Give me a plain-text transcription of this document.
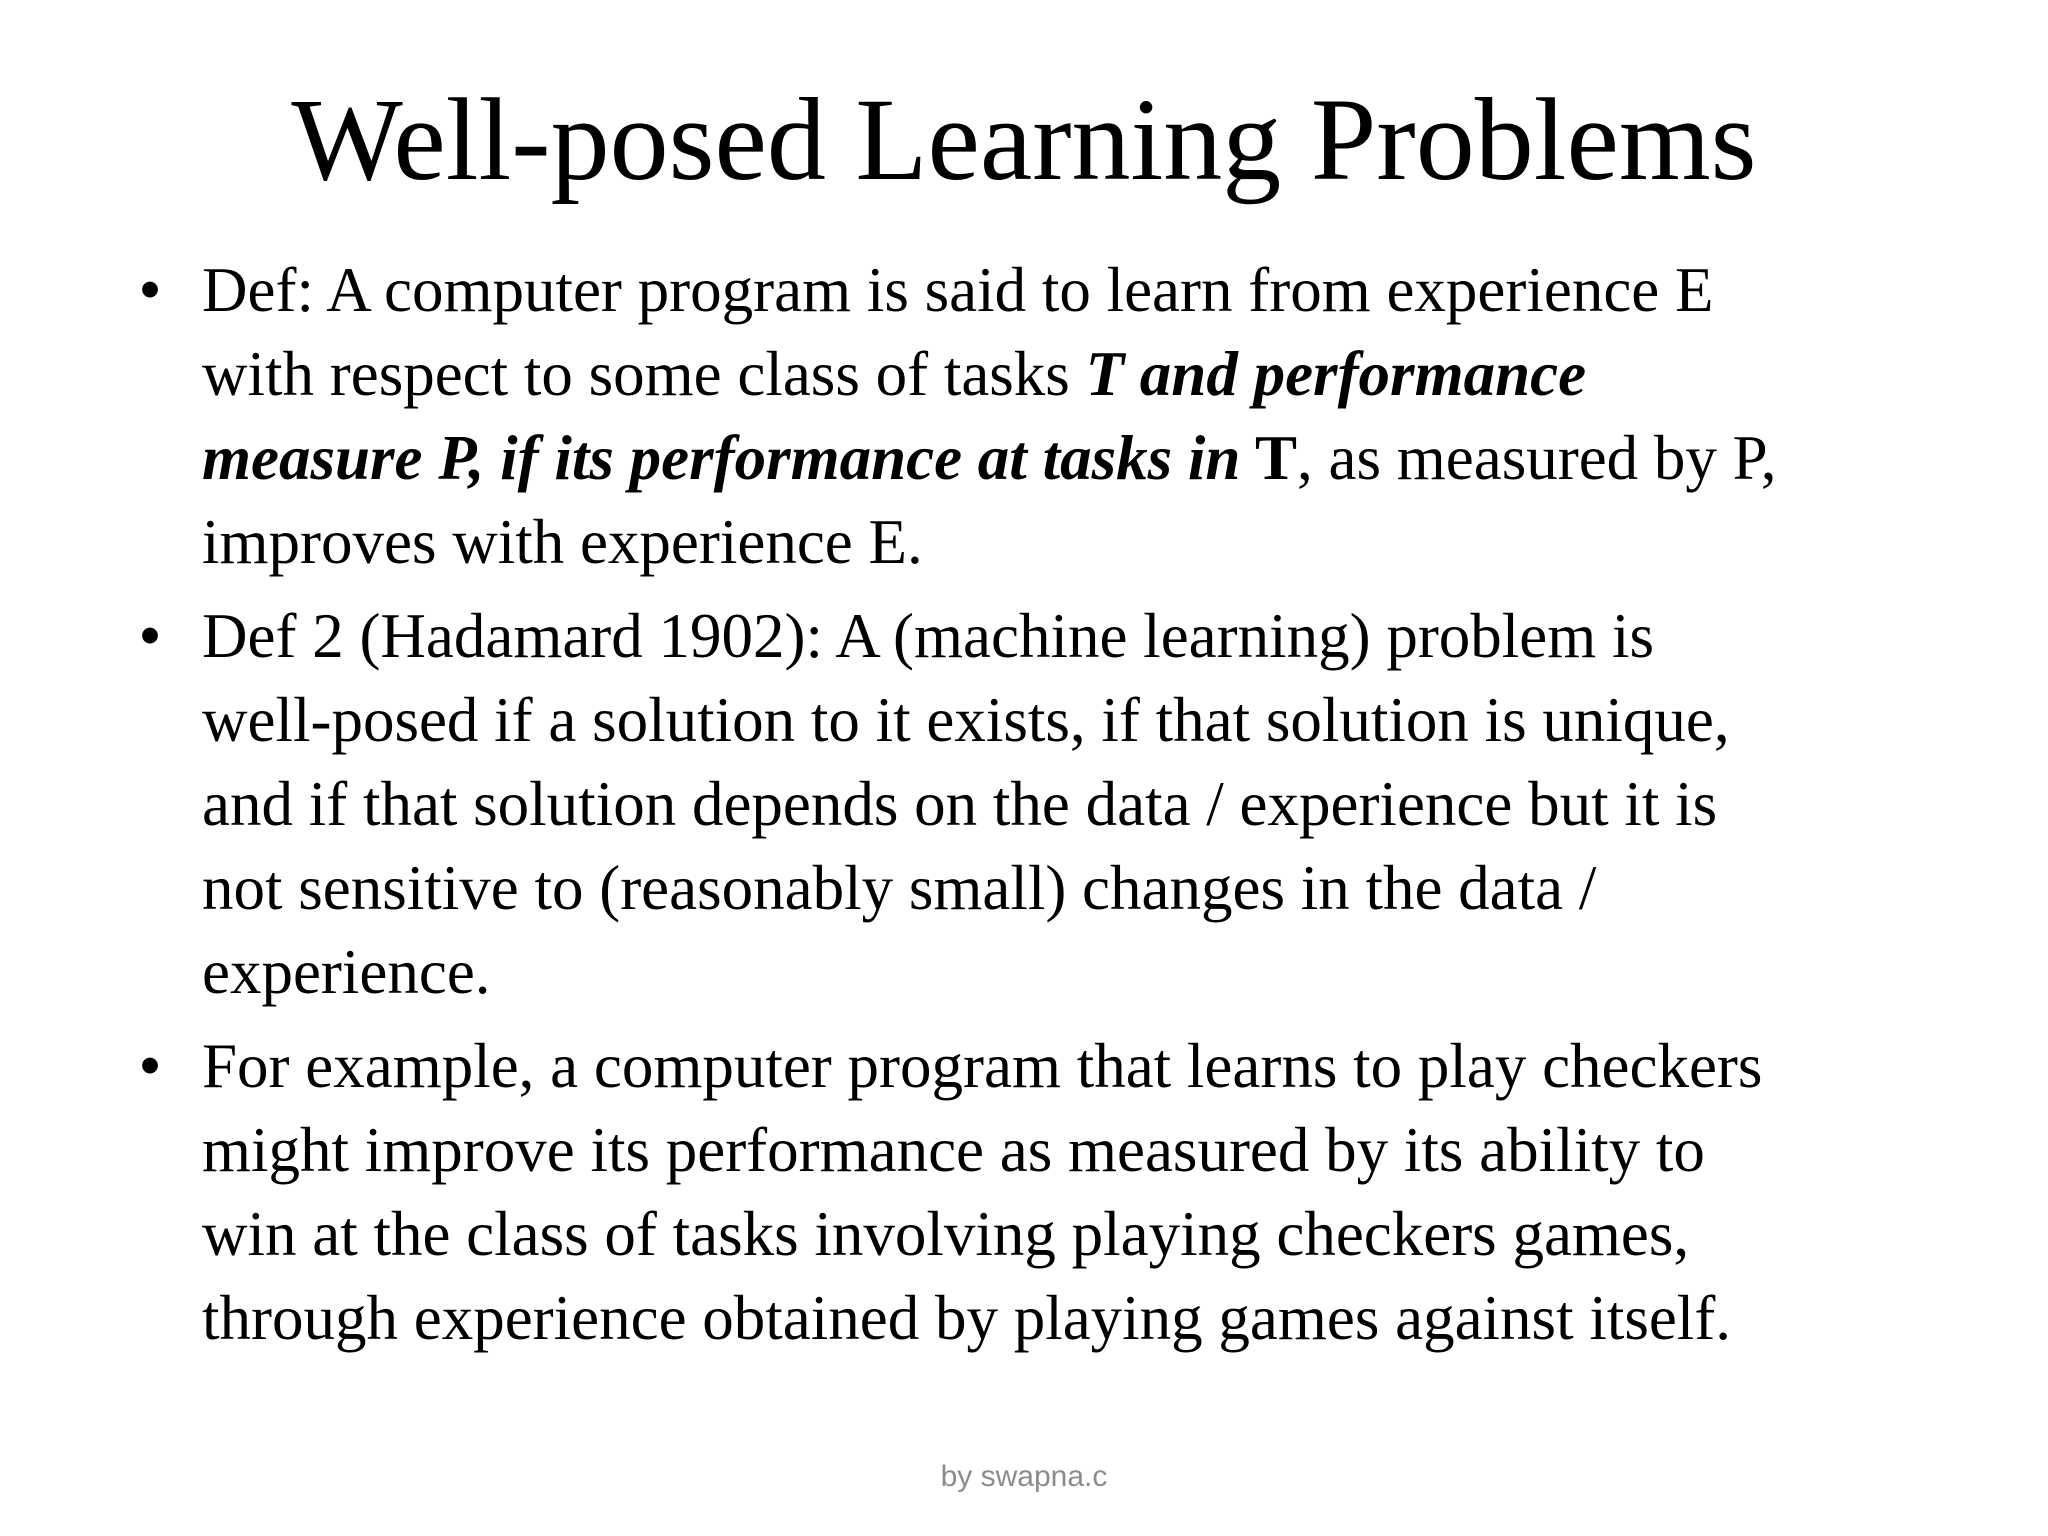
Well-posed Learning Problems
• Def: A computer program is said to learn from experience E
with respect to some class of tasks T and performance
measure P, if its performance at tasks in T, as measured by P,
improves with experience E.
• Def 2 (Hadamard 1902): A (machine learning) problem is
well-posed if a solution to it exists, if that solution is unique,
and if that solution depends on the data / experience but it is
not sensitive to (reasonably small) changes in the data /
experience.
• For example, a computer program that learns to play checkers
might improve its performance as measured by its ability to
win at the class of tasks involving playing checkers games,
through experience obtained by playing games against itself.
by swapna.c
